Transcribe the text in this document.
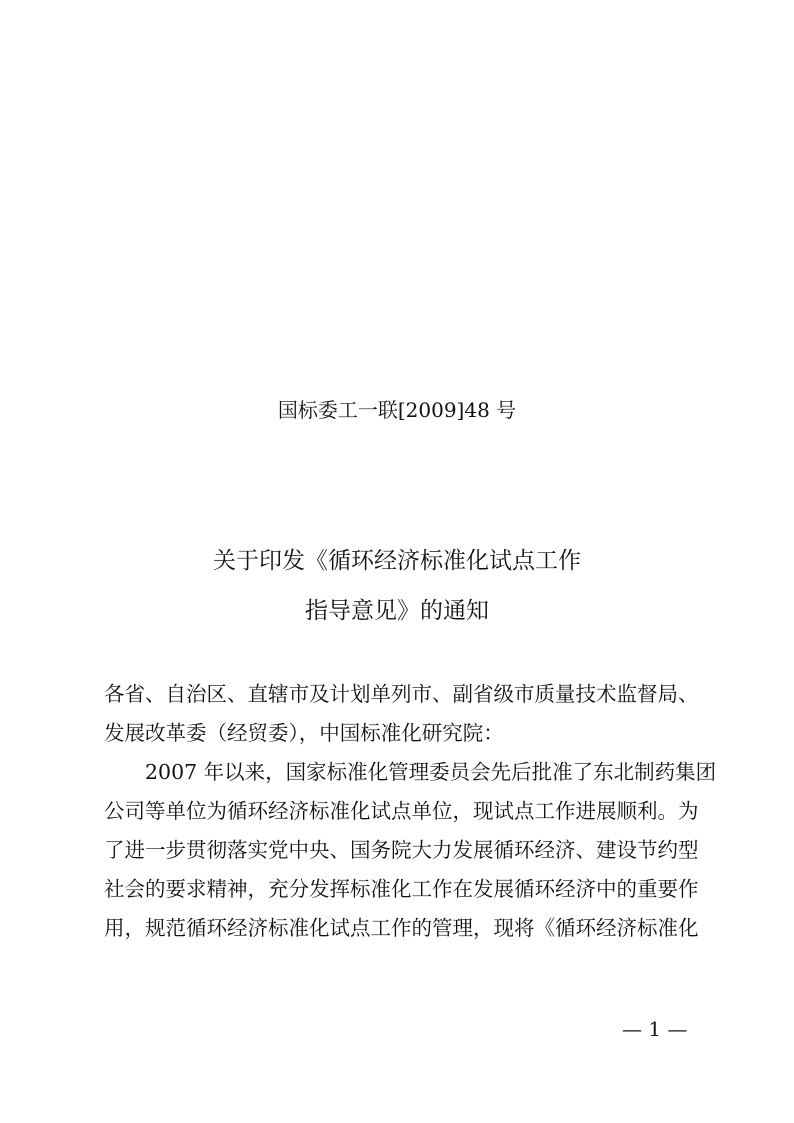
国标委工一联[2009]48 号
关于印发《循环经济标准化试点工作
指导意见》的通知
各省、自治区、直辖市及计划单列市、副省级市质量技术监督局、
发展改革委（经贸委），中国标准化研究院：
2007 年以来，国家标准化管理委员会先后批准了东北制药集团
公司等单位为循环经济标准化试点单位，现试点工作进展顺利。为
了进一步贯彻落实党中央、国务院大力发展循环经济、建设节约型
社会的要求精神，充分发挥标准化工作在发展循环经济中的重要作
用，规范循环经济标准化试点工作的管理，现将《循环经济标准化
— 1 —
